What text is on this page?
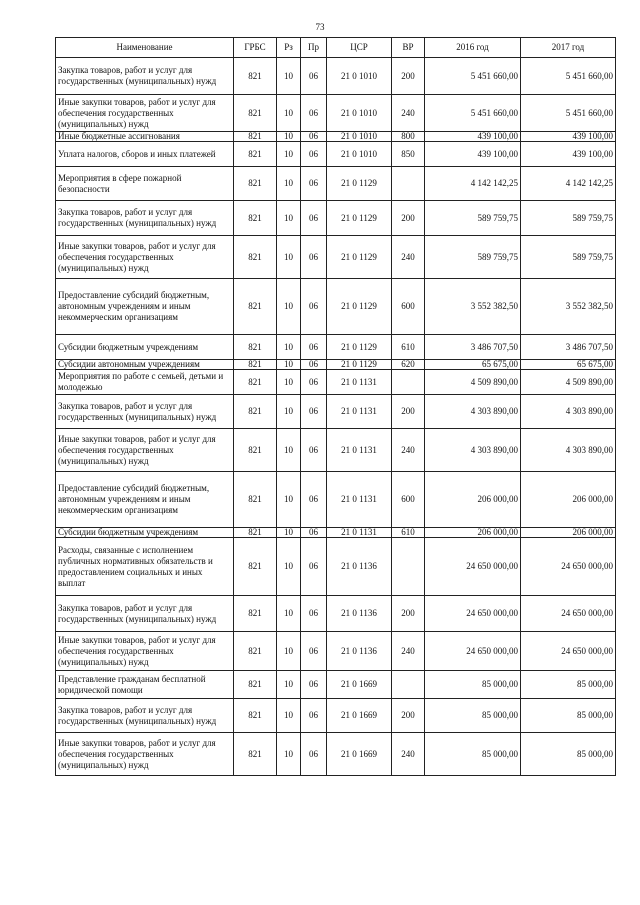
73
Наименование	ГРБС	Рз	Пр	ЦСР	ВР	2016 год	2017 год
Закупка товаров, работ и услуг для государственных (муниципальных) нужд	821	10	06	21 0 1010	200	5 451 660,00	5 451 660,00
Иные закупки товаров, работ и услуг для обеспечения государственных (муниципальных) нужд	821	10	06	21 0 1010	240	5 451 660,00	5 451 660,00
Иные бюджетные ассигнования	821	10	06	21 0 1010	800	439 100,00	439 100,00
Уплата налогов, сборов и иных платежей	821	10	06	21 0 1010	850	439 100,00	439 100,00
Мероприятия в сфере пожарной безопасности	821	10	06	21 0 1129		4 142 142,25	4 142 142,25
Закупка товаров, работ и услуг для государственных (муниципальных) нужд	821	10	06	21 0 1129	200	589 759,75	589 759,75
Иные закупки товаров, работ и услуг для обеспечения государственных (муниципальных) нужд	821	10	06	21 0 1129	240	589 759,75	589 759,75
Предоставление субсидий бюджетным, автономным учреждениям и иным некоммерческим организациям	821	10	06	21 0 1129	600	3 552 382,50	3 552 382,50
Субсидии бюджетным учреждениям	821	10	06	21 0 1129	610	3 486 707,50	3 486 707,50
Субсидии автономным учреждениям	821	10	06	21 0 1129	620	65 675,00	65 675,00
Мероприятия по работе с семьей, детьми и молодежью	821	10	06	21 0 1131		4 509 890,00	4 509 890,00
Закупка товаров, работ и услуг для государственных (муниципальных) нужд	821	10	06	21 0 1131	200	4 303 890,00	4 303 890,00
Иные закупки товаров, работ и услуг для обеспечения государственных (муниципальных) нужд	821	10	06	21 0 1131	240	4 303 890,00	4 303 890,00
Предоставление субсидий бюджетным, автономным учреждениям и иным некоммерческим организациям	821	10	06	21 0 1131	600	206 000,00	206 000,00
Субсидии бюджетным учреждениям	821	10	06	21 0 1131	610	206 000,00	206 000,00
Расходы, связанные с исполнением публичных нормативных обязательств и предоставлением социальных и иных выплат	821	10	06	21 0 1136		24 650 000,00	24 650 000,00
Закупка товаров, работ и услуг для государственных (муниципальных) нужд	821	10	06	21 0 1136	200	24 650 000,00	24 650 000,00
Иные закупки товаров, работ и услуг для обеспечения государственных (муниципальных) нужд	821	10	06	21 0 1136	240	24 650 000,00	24 650 000,00
Представление гражданам бесплатной юридической помощи	821	10	06	21 0 1669		85 000,00	85 000,00
Закупка товаров, работ и услуг для государственных (муниципальных) нужд	821	10	06	21 0 1669	200	85 000,00	85 000,00
Иные закупки товаров, работ и услуг для обеспечения государственных (муниципальных) нужд	821	10	06	21 0 1669	240	85 000,00	85 000,00
